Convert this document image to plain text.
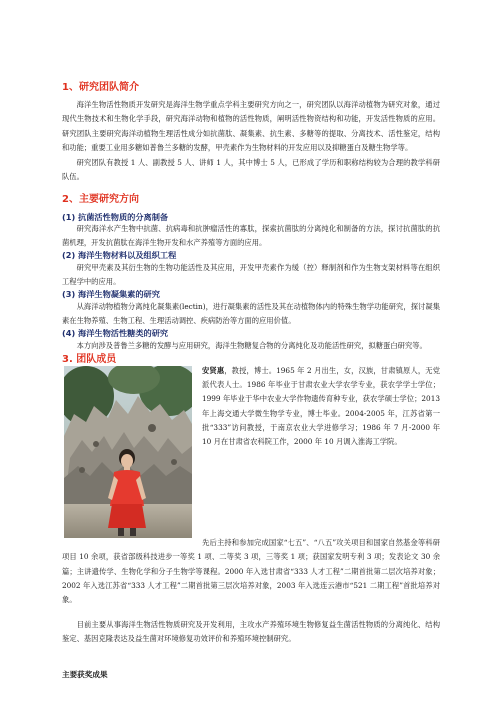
1、研究团队简介

海洋生物活性物质开发研究是海洋生物学重点学科主要研究方向之一，研究团队以海洋动植物为研究对象，通过现代生物技术和生物化学手段，研究海洋动物和植物的活性物质，阐明活性物资结构和功能，开发活性物质的应用。研究团队主要研究海洋动植物生理活性成分如抗菌肽、凝集素、抗生素、多糖等的提取、分离技术、活性鉴定，结构和功能；重要工业用多糖如普鲁兰多糖的发酵，甲壳素作为生物材料的开发应用以及抑糖蛋白及糖生物学等。

研究团队有教授 1 人、副教授 5 人、讲师 1 人，其中博士 5 人，已形成了学历和职称结构较为合理的教学科研队伍。

2、主要研究方向
(1) 抗菌活性物质的分离制备

研究海洋水产生物中抗菌、抗病毒和抗肿瘤活性的寡肽，探索抗菌肽的分离纯化和制备的方法，探讨抗菌肽的抗菌机理，开发抗菌肽在海洋生物开发和水产养殖等方面的应用。

(2) 海洋生物材料以及组织工程

研究甲壳素及其衍生物的生物功能活性及其应用，开发甲壳素作为缓（控）释制剂和作为生物支架材料等在组织工程学中的应用。

(3) 海洋生物凝集素的研究

从海洋动物植物分离纯化凝集素(lectin)，进行凝集素的活性及其在动植物体内的特殊生物学功能研究，探讨凝集素在生物养殖、生物工程、生理活动调控、疾病防治等方面的应用价值。

(4) 海洋生物活性糖类的研究

本方向涉及普鲁兰多糖的发酵与应用研究，海洋生物糖复合物的分离纯化及功能活性研究，拟糖蛋白研究等。

3. 团队成员

安贤惠，教授，博士。1965 年 2 月出生，女，汉族，甘肃镇原人，无党派代表人士。1986 年毕业于甘肃农业大学农学专业，获农学学士学位；1999 年毕业于华中农业大学作物遗传育种专业，获农学硕士学位；2013 年上海交通大学微生物学专业，博士毕业。2004-2005 年，江苏省第一批“333”访问教授，于南京农业大学进修学习；1986 年 7 月-2000 年 10 月在甘肃省农科院工作，2000 年 10 月调入淮海工学院。

先后主持和参加完成国家“七五”、“八五”攻关项目和国家自然基金等科研项目 10 余项，获省部级科技进步一等奖 1 项、二等奖 3 项，三等奖 1 项；获国家发明专利 3 项；发表论文 30 余篇；主讲遗传学、生物化学和分子生物学等课程。2000 年入选甘肃省“333 人才工程”二期首批第二层次培养对象；2002 年入选江苏省“333 人才工程”二期首批第三层次培养对象，2003 年入选连云港市“521 二期工程”首批培养对象。

目前主要从事海洋生物活性物质研究及开发利用，主攻水产养殖环境生物修复益生菌活性物质的分离纯化、结构鉴定、基因克隆表达及益生菌对环境修复功效评价和养殖环境控制研究。

主要获奖成果
